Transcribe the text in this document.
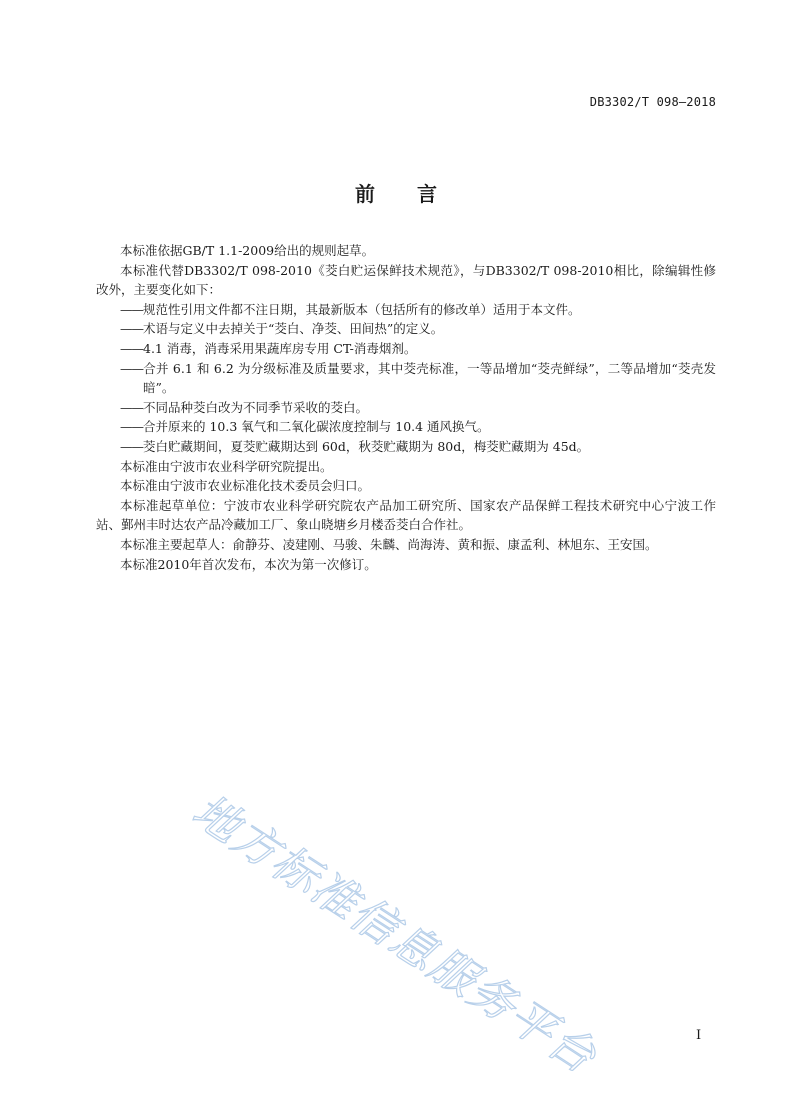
DB3302/T 098—2018
前言

本标准依据GB/T 1.1-2009给出的规则起草。

本标准代替DB3302/T 098-2010《茭白贮运保鲜技术规范》，与DB3302/T 098-2010相比，除编辑性修改外，主要变化如下：

——规范性引用文件都不注日期，其最新版本（包括所有的修改单）适用于本文件。

——术语与定义中去掉关于“茭白、净茭、田间热”的定义。

——4.1 消毒，消毒采用果蔬库房专用 CT-消毒烟剂。

——合并 6.1 和 6.2 为分级标准及质量要求，其中茭壳标准，一等品增加“茭壳鲜绿”，二等品增加“茭壳发暗”。

——不同品种茭白改为不同季节采收的茭白。

——合并原来的 10.3 氧气和二氧化碳浓度控制与 10.4 通风换气。

——茭白贮藏期间，夏茭贮藏期达到 60d，秋茭贮藏期为 80d，梅茭贮藏期为 45d。

本标准由宁波市农业科学研究院提出。

本标准由宁波市农业标准化技术委员会归口。

本标准起草单位：宁波市农业科学研究院农产品加工研究所、国家农产品保鲜工程技术研究中心宁波工作站、鄞州丰时达农产品冷藏加工厂、象山晓塘乡月楼岙茭白合作社。

本标准主要起草人：俞静芬、凌建刚、马骏、朱麟、尚海涛、黄和振、康孟利、林旭东、王安国。

本标准2010年首次发布，本次为第一次修订。

地方标准信息服务平台	I
